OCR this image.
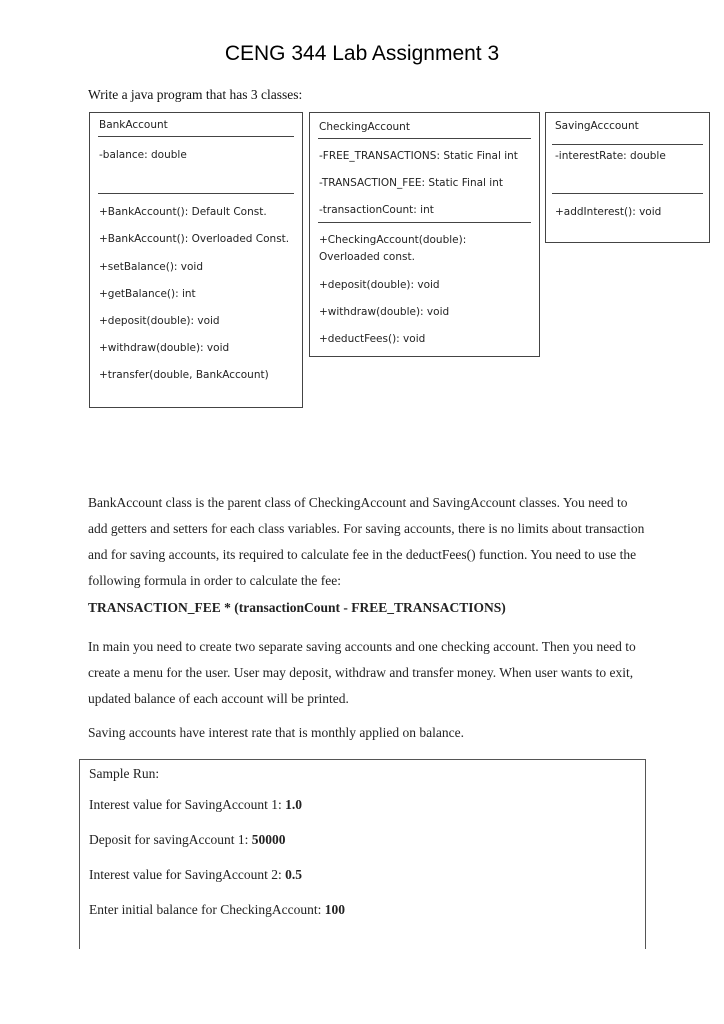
CENG 344 Lab Assignment 3
Write a java program that has 3 classes:
BankAccount
-balance: double
+BankAccount(): Default Const.
+BankAccount(): Overloaded Const.
+setBalance(): void
+getBalance(): int
+deposit(double): void
+withdraw(double): void
+transfer(double, BankAccount)
CheckingAccount
-FREE_TRANSACTIONS: Static Final int
-TRANSACTION_FEE: Static Final int
-transactionCount: int
+CheckingAccount(double): Overloaded const.
+deposit(double): void
+withdraw(double): void
+deductFees(): void
SavingAcccount
-interestRate: double
+addInterest(): void
BankAccount class is the parent class of CheckingAccount and SavingAccount classes. You need to add getters and setters for each class variables. For saving accounts, there is no limits about transaction and for saving accounts, its required to calculate fee in the deductFees() function. You need to use the following formula in order to calculate the fee:
TRANSACTION_FEE * (transactionCount - FREE_TRANSACTIONS)
In main you need to create two separate saving accounts and one checking account. Then you need to create a menu for the user. User may deposit, withdraw and transfer money. When user wants to exit, updated balance of each account will be printed.
Saving accounts have interest rate that is monthly applied on balance.
Sample Run:
Interest value for SavingAccount 1: 1.0
Deposit for savingAccount 1: 50000
Interest value for SavingAccount 2: 0.5
Enter initial balance for CheckingAccount: 100
